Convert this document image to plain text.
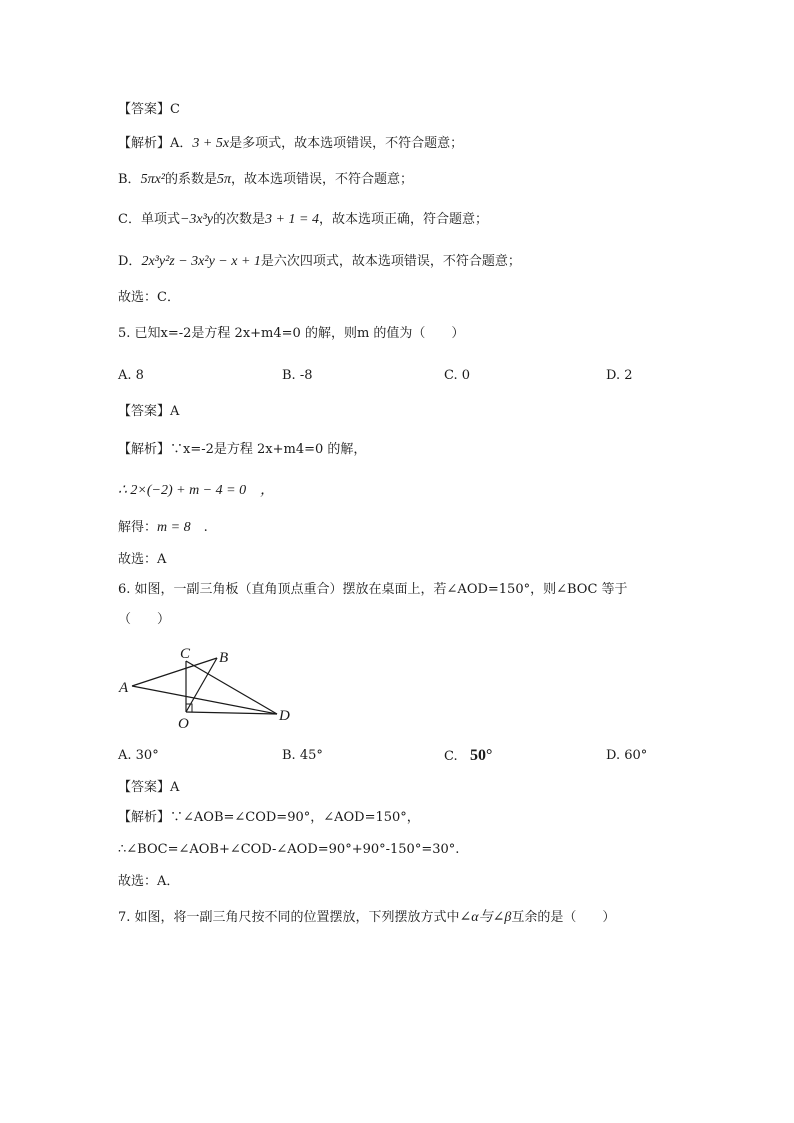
【答案】C
【解析】A．3 + 5x是多项式，故本选项错误，不符合题意；
B．5πx²的系数是5π，故本选项错误，不符合题意；
C．单项式−3x³y的次数是3 + 1 = 4，故本选项正确，符合题意；
D．2x³y²z − 3x²y − x + 1是六次四项式，故本选项错误，不符合题意；
故选：C．
5. 已知x=-2是方程 2x+m4=0 的解，则m 的值为（　　）
A. 8	B. -8	C. 0	D. 2
【答案】A
【解析】∵x=-2是方程 2x+m4=0 的解，
∴ 2×(−2) + m − 4 = 0　，
解得：m = 8　.
故选：A
6. 如图，一副三角板（直角顶点重合）摆放在桌面上，若∠AOD=150°，则∠BOC 等于
（　　）
A
C B
O	D
A. 30°	B. 45°	C. 50°	D. 60°
【答案】A
【解析】∵∠AOB=∠COD=90°，∠AOD=150°，
∴∠BOC=∠AOB+∠COD-∠AOD=90°+90°-150°=30°.
故选：A．
7. 如图，将一副三角尺按不同的位置摆放，下列摆放方式中∠α与∠β互余的是（　　）
